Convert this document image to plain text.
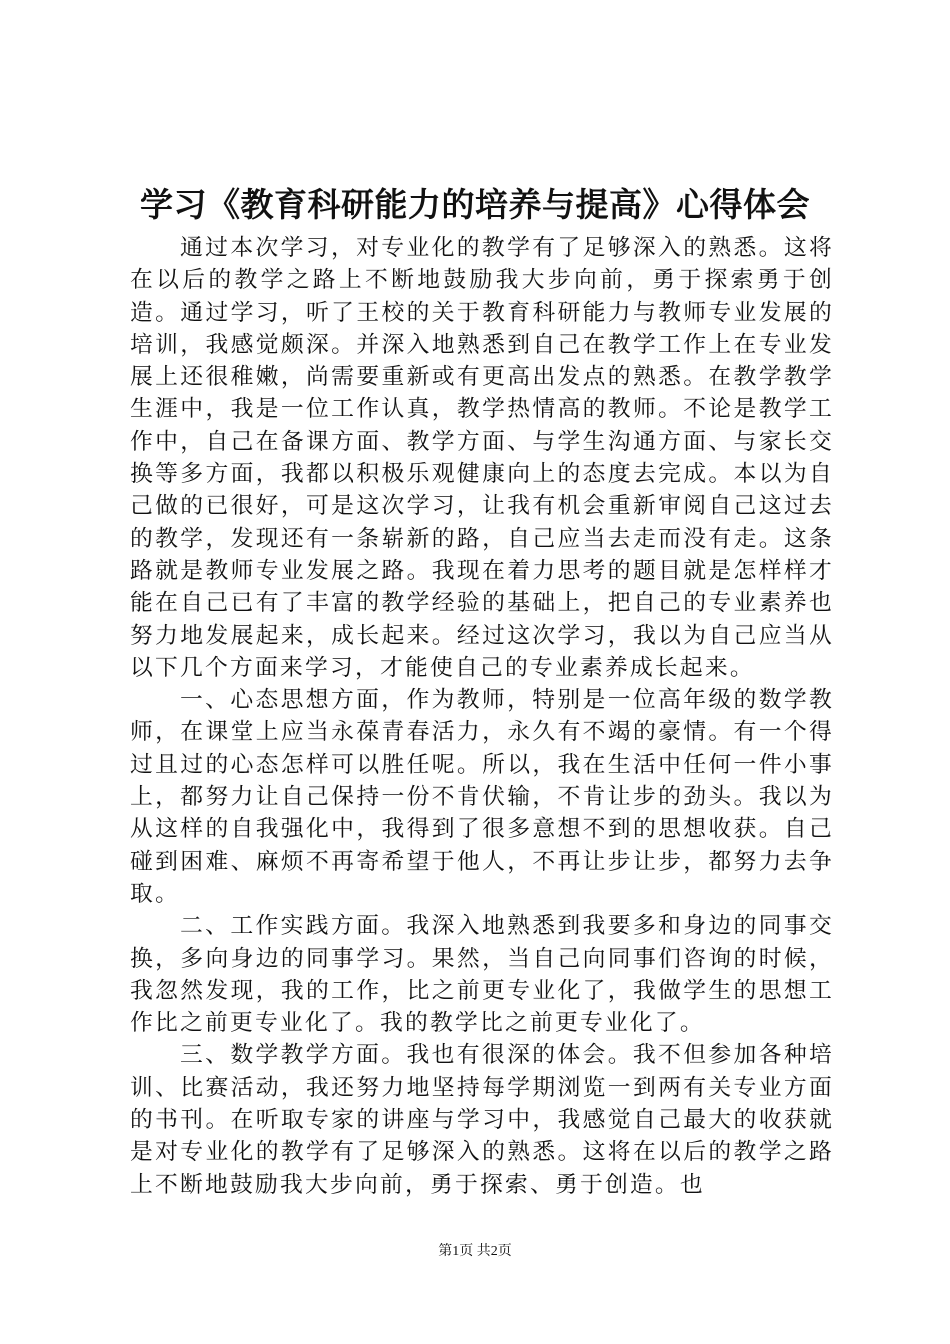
学习《教育科研能力的培养与提高》心得体会

通过本次学习，对专业化的教学有了足够深入的熟悉。这将在以后的教学之路上不断地鼓励我大步向前，勇于探索勇于创造。通过学习，听了王校的关于教育科研能力与教师专业发展的培训，我感觉颇深。并深入地熟悉到自己在教学工作上在专业发展上还很稚嫩，尚需要重新或有更高出发点的熟悉。在教学教学生涯中，我是一位工作认真，教学热情高的教师。不论是教学工作中，自己在备课方面、教学方面、与学生沟通方面、与家长交换等多方面，我都以积极乐观健康向上的态度去完成。本以为自己做的已很好，可是这次学习，让我有机会重新审阅自己这过去的教学，发现还有一条崭新的路，自己应当去走而没有走。这条路就是教师专业发展之路。我现在着力思考的题目就是怎样样才能在自己已有了丰富的教学经验的基础上，把自己的专业素养也努力地发展起来，成长起来。经过这次学习，我以为自己应当从以下几个方面来学习，才能使自己的专业素养成长起来。

一、心态思想方面，作为教师，特别是一位高年级的数学教师，在课堂上应当永葆青春活力，永久有不竭的豪情。有一个得过且过的心态怎样可以胜任呢。所以，我在生活中任何一件小事上，都努力让自己保持一份不肯伏输，不肯让步的劲头。我以为从这样的自我强化中，我得到了很多意想不到的思想收获。自己碰到困难、麻烦不再寄希望于他人，不再让步让步，都努力去争取。

二、工作实践方面。我深入地熟悉到我要多和身边的同事交换，多向身边的同事学习。果然，当自己向同事们咨询的时候，我忽然发现，我的工作，比之前更专业化了，我做学生的思想工作比之前更专业化了。我的教学比之前更专业化了。

三、数学教学方面。我也有很深的体会。我不但参加各种培训、比赛活动，我还努力地坚持每学期浏览一到两有关专业方面的书刊。在听取专家的讲座与学习中，我感觉自己最大的收获就是对专业化的教学有了足够深入的熟悉。这将在以后的教学之路上不断地鼓励我大步向前，勇于探索、勇于创造。也

第1页 共2页
